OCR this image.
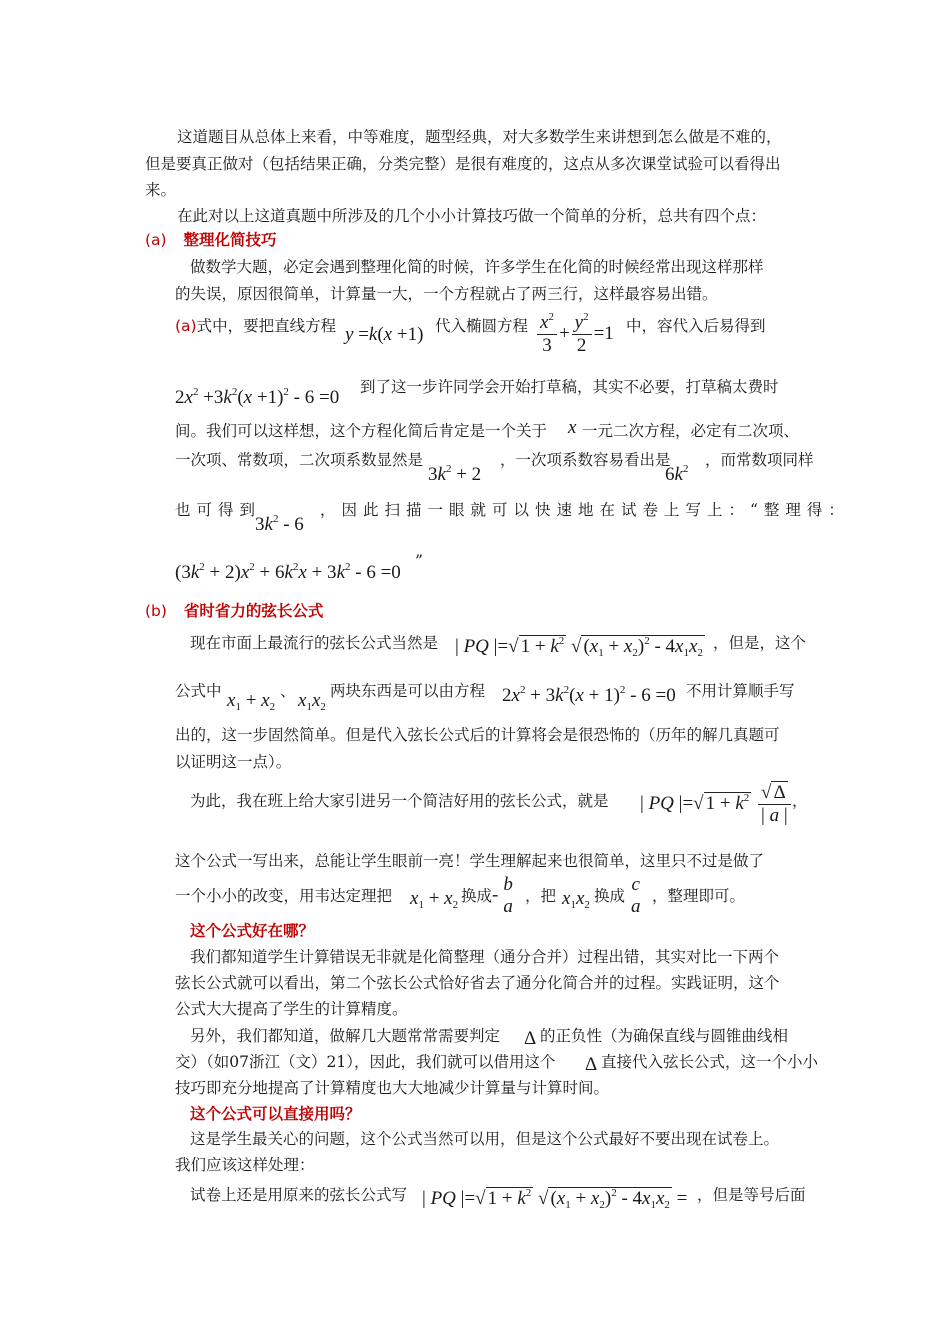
这道题目从总体上来看，中等难度，题型经典，对大多数学生来讲想到怎么做是不难的，
但是要真正做对（包括结果正确，分类完整）是很有难度的，这点从多次课堂试验可以看得出
来。
在此对以上这道真题中所涉及的几个小小计算技巧做一个简单的分析，总共有四个点：
(a) 整理化简技巧
做数学大题，必定会遇到整理化简的时候，许多学生在化简的时候经常出现这样那样
的失误，原因很简单，计算量一大，一个方程就占了两三行，这样最容易出错。
(a)式中，要把直线方程 y =k(x +1) 代入椭圆方程 $\frac{x^2}{3} + \frac{y^2}{2} =1$ 中，容代入后易得到
$2x^2 +3k^2(x +1)^2 - 6 =0$ 到了这一步许同学会开始打草稿，其实不必要，打草稿太费时
间。我们可以这样想，这个方程化简后肯定是一个关于 x 一元二次方程，必定有二次项、
一次项、常数项，二次项系数显然是
$3k^2 + 2$
，一次项系数容易看出是
$6k^2$ ，而常数项同样
也可得到
$3k^2 - 6$
，因此扫描一眼就可以快速地在试卷上写上：“整理得：
$(3k^2 + 2)x^2 + 6k^2x + 3k^2 - 6 =0$
”
(b) 省时省力的弦长公式
现在市面上最流行的弦长公式当然是 | PQ |=√ $1 + k^2$ √ $(x_1 + x_2)^2 - 4x_1x_2$
，但是，这个
公式中 $x_1 + x_2$
、 $x_1x_2$
两块东西是可以由方程 $2x^2 + 3k^2(x + 1)^2 - 6 =0$ 不用计算顺手写
出的，这一步固然简单。但是代入弦长公式后的计算将会是很恐怖的（历年的解几真题可
以证明这一点）。
为此，我在班上给大家引进另一个简洁好用的弦长公式，就是 | PQ |=√ $1 + k^2 \frac{√ \Delta}{| a |}$ ，
这个公式一写出来，总能让学生眼前一亮！学生理解起来也很简单，这里只不过是做了
一个小小的改变，用韦达定理把 $x_1 + x_2$ 换成 - b
a ，把 $x_1x_2$ 换成
c
a ，整理即可。
这个公式好在哪？
我们都知道学生计算错误无非就是化简整理（通分合并）过程出错，其实对比一下两个
弦长公式就可以看出，第二个弦长公式恰好省去了通分化简合并的过程。实践证明，这个
公式大大提高了学生的计算精度。
另外，我们都知道，做解几大题常常需要判定 Δ 的正负性（为确保直线与圆锥曲线相
交）（如07浙江（文）21），因此，我们就可以借用这个 Δ 直接代入弦长公式，这一个小小
技巧即充分地提高了计算精度也大大地减少计算量与计算时间。
这个公式可以直接用吗？
这是学生最关心的问题，这个公式当然可以用，但是这个公式最好不要出现在试卷上。
我们应该这样处理：
试卷上还是用原来的弦长公式写 | PQ |=√ $1 + k^2$ √ $(x_1 + x_2)^2 - 4x_1x_2$ = ，但是等号后面
